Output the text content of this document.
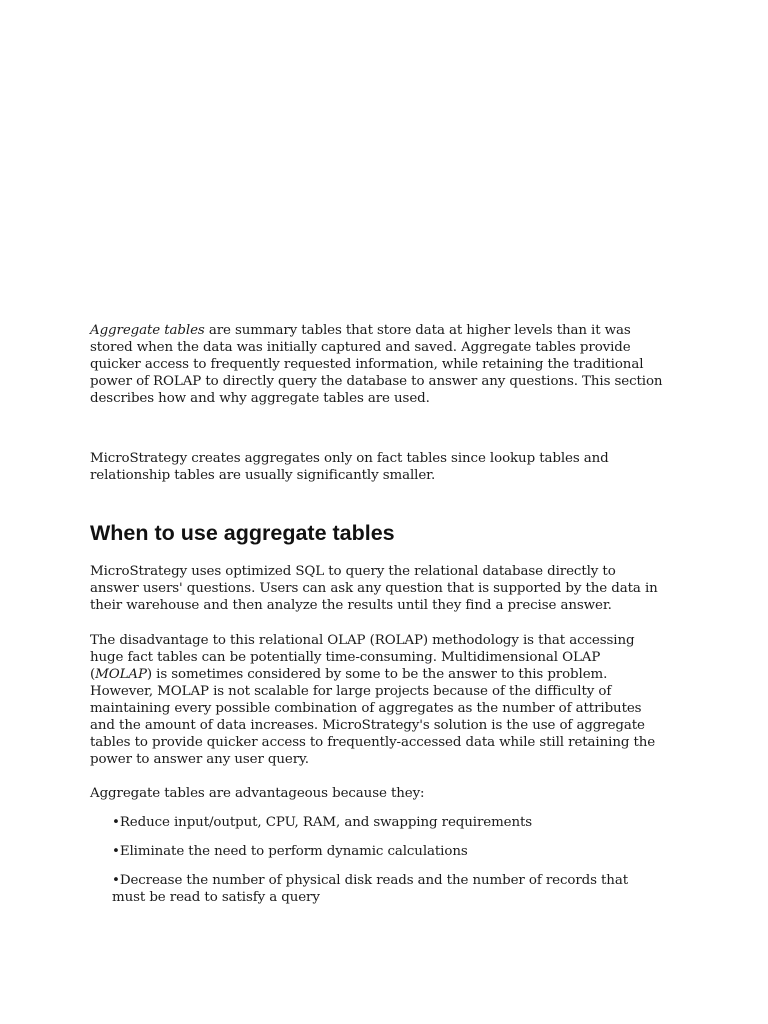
Aggregate tables are summary tables that store data at higher levels than it was stored when the data was initially captured and saved. Aggregate tables provide quicker access to frequently requested information, while retaining the traditional power of ROLAP to directly query the database to answer any questions. This section describes how and why aggregate tables are used.

MicroStrategy creates aggregates only on fact tables since lookup tables and relationship tables are usually significantly smaller.

When to use aggregate tables

MicroStrategy uses optimized SQL to query the relational database directly to answer users' questions. Users can ask any question that is supported by the data in their warehouse and then analyze the results until they find a precise answer.

The disadvantage to this relational OLAP (ROLAP) methodology is that accessing huge fact tables can be potentially time-consuming. Multidimensional OLAP (MOLAP) is sometimes considered by some to be the answer to this problem. However, MOLAP is not scalable for large projects because of the difficulty of maintaining every possible combination of aggregates as the number of attributes and the amount of data increases. MicroStrategy's solution is the use of aggregate tables to provide quicker access to frequently-accessed data while still retaining the power to answer any user query.

Aggregate tables are advantageous because they:

•Reduce input/output, CPU, RAM, and swapping requirements
•Eliminate the need to perform dynamic calculations
•Decrease the number of physical disk reads and the number of records that must be read to satisfy a query
